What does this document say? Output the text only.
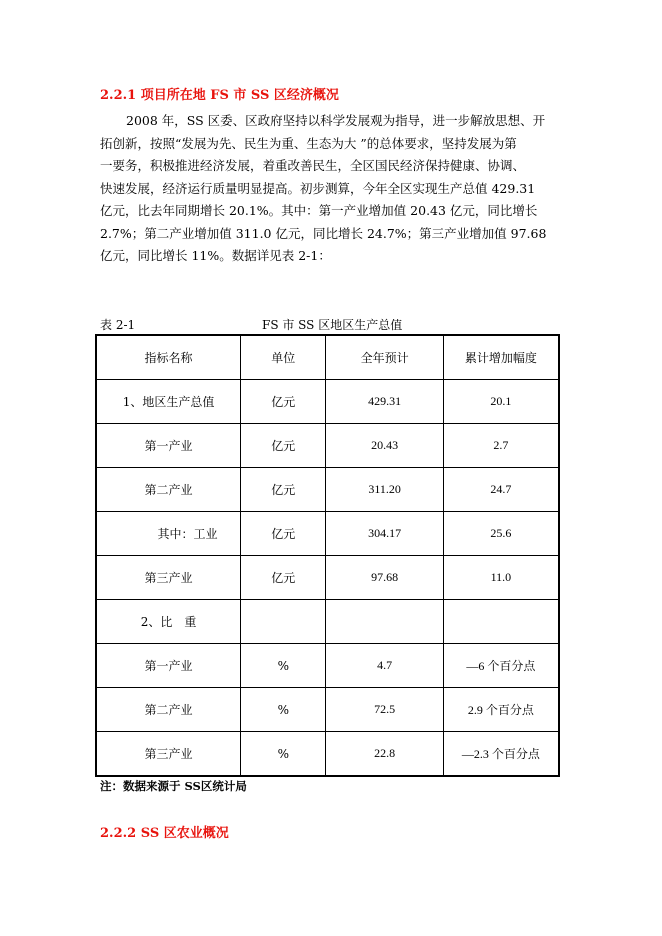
2.2.1 项目所在地 FS 市 SS 区经济概况

2008 年，SS 区委、区政府坚持以科学发展观为指导，进一步解放思想、开
拓创新，按照“发展为先、民生为重、生态为大 ”的总体要求，坚持发展为第
一要务，积极推进经济发展，着重改善民生，全区国民经济保持健康、协调、
快速发展，经济运行质量明显提高。初步测算，今年全区实现生产总值 429.31
亿元，比去年同期增长 20.1%。其中：第一产业增加值 20.43 亿元，同比增长
2.7%；第二产业增加值 311.0 亿元，同比增长 24.7%；第三产业增加值 97.68
亿元，同比增长 11%。数据详见表 2-1：

表 2-1	FS 市 SS 区地区生产总值
指标名称	单位	全年预计	累计增加幅度
1、地区生产总值	亿元	429.31	20.1
第一产业	亿元	20.43	2.7
第二产业	亿元	311.20	24.7
其中：工业	亿元	304.17	25.6
第三产业	亿元	97.68	11.0
2、比　重			
第一产业	%	4.7	—6 个百分点
第二产业	%	72.5	2.9 个百分点
第三产业	%	22.8	—2.3 个百分点
注：数据来源于 SS区统计局
2.2.2 SS 区农业概况
